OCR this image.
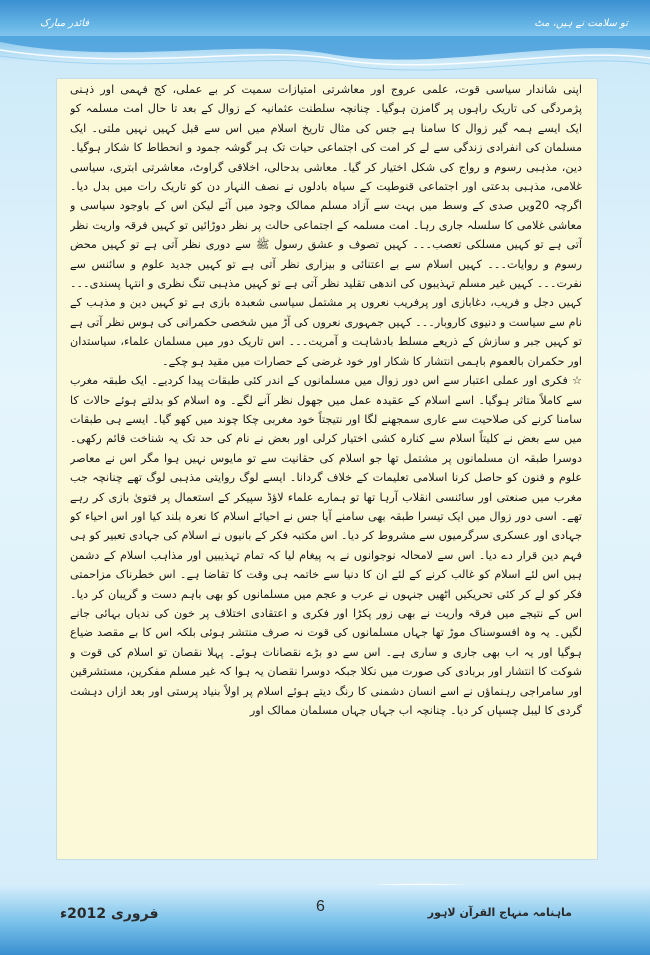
تو سلامت نے ہیں، مٹ
فائدر مبارک

اپنی شاندار سیاسی قوت، علمی عروج اور معاشرتی امتیازات سمیت کر بے عملی، کج فہمی اور ذہنی پژمردگی کی تاریک راہوں پر گامزن ہوگیا۔ چنانچہ سلطنت عثمانیہ کے زوال کے بعد تا حال امت مسلمہ کو ایک ایسے ہمہ گیر زوال کا سامنا ہے جس کی مثال تاریخ اسلام میں اس سے قبل کہیں نہیں ملتی۔ ایک مسلمان کی انفرادی زندگی سے لے کر امت کی اجتماعی حیات تک ہر گوشہ جمود و انحطاط کا شکار ہوگیا۔ دین، مذہبی رسوم و رواج کی شکل اختیار کر گیا۔ معاشی بدحالی، اخلاقی گراوٹ، معاشرتی ابتری، سیاسی غلامی، مذہبی بدعتی اور اجتماعی قنوطیت کے سیاہ بادلوں نے نصف النہار دن کو تاریک رات میں بدل دیا۔ اگرچہ 20ویں صدی کے وسط میں بہت سے آزاد مسلم ممالک وجود میں آئے لیکن اس کے باوجود سیاسی و معاشی غلامی کا سلسلہ جاری رہا۔ امت مسلمہ کے اجتماعی حالت پر نظر دوڑائیں تو کہیں فرقہ واریت نظر آتی ہے تو کہیں مسلکی تعصب۔۔۔ کہیں تصوف و عشق رسول ﷺ سے دوری نظر آتی ہے تو کہیں محض رسوم و روایات۔۔۔ کہیں اسلام سے بے اعتنائی و بیزاری نظر آتی ہے تو کہیں جدید علوم و سائنس سے نفرت۔۔۔ کہیں غیر مسلم تہذیبوں کی اندھی تقلید نظر آتی ہے تو کہیں مذہبی تنگ نظری و انتہا پسندی۔۔۔ کہیں دجل و فریب، دغابازی اور پرفریب نعروں پر مشتمل سیاسی شعبدہ بازی ہے تو کہیں دین و مذہب کے نام سے سیاست و دنیوی کاروبار۔۔۔ کہیں جمہوری نعروں کی آڑ میں شخصی حکمرانی کی ہوس نظر آتی ہے تو کہیں جبر و سازش کے ذریعے مسلط بادشاہت و آمریت۔۔۔ اس تاریک دور میں مسلمان علماء، سیاستدان اور حکمران بالعموم باہمی انتشار کا شکار اور خود غرضی کے حصارات میں مقید ہو چکے۔

☆ فکری اور عملی اعتبار سے اس دور زوال میں مسلمانوں کے اندر کئی طبقات پیدا کردیے۔ ایک طبقہ مغرب سے کاملاً متاثر ہوگیا۔ اسے اسلام کے عقیدہ عمل میں جھول نظر آنے لگے۔ وہ اسلام کو بدلتے ہوئے حالات کا سامنا کرنے کی صلاحیت سے عاری سمجھنے لگا اور نتیجتاً خود مغربی چکا چوند میں کھو گیا۔ ایسے ہی طبقات میں سے بعض نے کلیتاً اسلام سے کنارہ کشی اختیار کرلی اور بعض نے نام کی حد تک یہ شناخت قائم رکھی۔ دوسرا طبقہ ان مسلمانوں پر مشتمل تھا جو اسلام کی حقانیت سے تو مایوس نہیں ہوا مگر اس نے معاصر علوم و فنون کو حاصل کرنا اسلامی تعلیمات کے خلاف گردانا۔ ایسے لوگ روایتی مذہبی لوگ تھے چنانچہ جب مغرب میں صنعتی اور سائنسی انقلاب آرہا تھا تو ہمارے علماء لاؤڈ سپیکر کے استعمال پر فتویٰ بازی کر رہے تھے۔ اسی دور زوال میں ایک تیسرا طبقہ بھی سامنے آیا جس نے احیائے اسلام کا نعرہ بلند کیا اور اس احیاء کو جہادی اور عسکری سرگرمیوں سے مشروط کر دیا۔ اس مکتبہ فکر کے بانیوں نے اسلام کی جہادی تعبیر کو ہی فہم دین قرار دے دیا۔ اس سے لامحالہ نوجوانوں نے یہ پیغام لیا کہ تمام تہذیبیں اور مذاہب اسلام کے دشمن ہیں اس لئے اسلام کو غالب کرنے کے لئے ان کا دنیا سے خاتمہ ہی وقت کا تقاضا ہے۔ اس خطرناک مزاحمتی فکر کو لے کر کئی تحریکیں اٹھیں جنہوں نے عرب و عجم میں مسلمانوں کو بھی باہم دست و گریبان کر دیا۔ اس کے نتیجے میں فرقہ واریت نے بھی زور پکڑا اور فکری و اعتقادی اختلاف پر خون کی ندیاں بہائی جانے لگیں۔ یہ وہ افسوسناک موڑ تھا جہاں مسلمانوں کی قوت نہ صرف منتشر ہوئی بلکہ اس کا بے مقصد ضیاع ہوگیا اور یہ اب بھی جاری و ساری ہے۔ اس سے دو بڑے نقصانات ہوئے۔ پہلا نقصان تو اسلام کی قوت و شوکت کا انتشار اور بربادی کی صورت میں نکلا جبکہ دوسرا نقصان یہ ہوا کہ غیر مسلم مفکرین، مستشرقین اور سامراجی رہنماؤں نے اسے انسان دشمنی کا رنگ دیتے ہوئے اسلام پر اولاً بنیاد پرستی اور بعد ازاں دہشت گردی کا لیبل چسپاں کر دیا۔ چنانچہ اب جہاں جہاں مسلمان ممالک اور

6
فروری 2012ء	ماہنامہ منہاج القرآن لاہور
